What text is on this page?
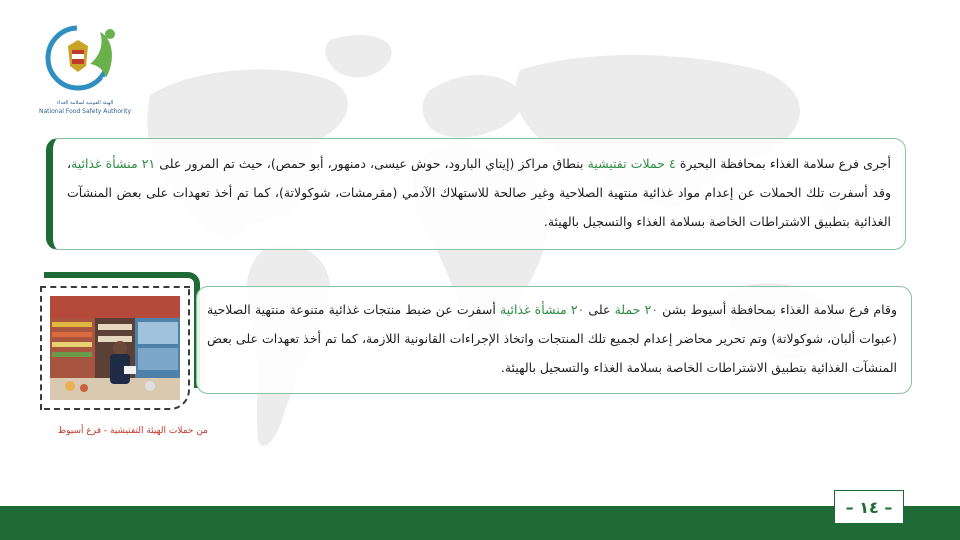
NFSA
الهيئة القومية لسلامة الغذاء
National Food Safety Authority

أجرى فرع سلامة الغذاء بمحافظة البحيرة ٤ حملات تفتيشية بنطاق مراكز (إيتاي البارود، حوش عيسى، دمنهور، أبو حمص)، حيث تم المرور على ٢١ منشأة غذائية، وقد أسفرت تلك الحملات عن إعدام مواد غذائية منتهية الصلاحية وغير صالحة للاستهلاك الآدمي (مقرمشات، شوكولاتة)، كما تم أخذ تعهدات على بعض المنشآت الغذائية بتطبيق الاشتراطات الخاصة بسلامة الغذاء والتسجيل بالهيئة.

من حملات الهيئة التفتيشية - فرع أسيوط

وقام فرع سلامة الغذاء بمحافظة أسيوط بشن ٢٠ حملة على ٢٠ منشأة غذائية أسفرت عن ضبط منتجات غذائية متنوعة منتهية الصلاحية (عبوات ألبان، شوكولاتة) وتم تحرير محاضر إعدام لجميع تلك المنتجات واتخاذ الإجراءات القانونية اللازمة، كما تم أخذ تعهدات على بعض المنشآت الغذائية بتطبيق الاشتراطات الخاصة بسلامة الغذاء والتسجيل بالهيئة.

– ١٤ –
